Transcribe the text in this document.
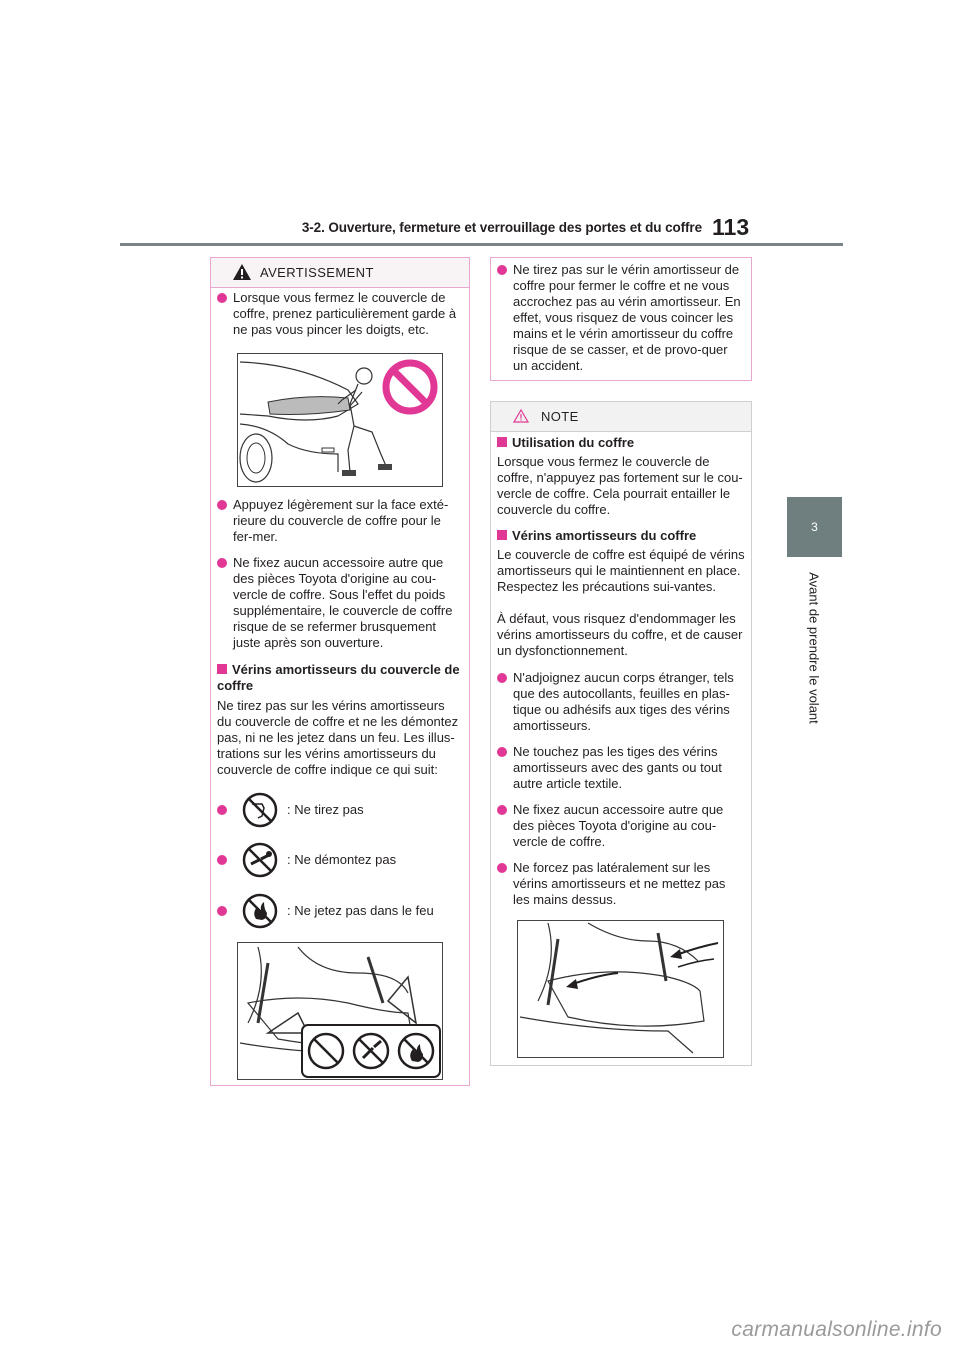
3-2. Ouverture, fermeture et verrouillage des portes et du coffre 113
3
Avant de prendre le volant
AVERTISSEMENT
Lorsque vous fermez le couvercle de coffre, prenez particulièrement garde à ne pas vous pincer les doigts, etc.
Appuyez légèrement sur la face exté-rieure du couvercle de coffre pour le fer-mer.
Ne fixez aucun accessoire autre que des pièces Toyota d'origine au cou-vercle de coffre. Sous l'effet du poids supplémentaire, le couvercle de coffre risque de se refermer brusquement juste après son ouverture.
Vérins amortisseurs du couvercle de coffre
Ne tirez pas sur les vérins amortisseurs du couvercle de coffre et ne les démontez pas, ni ne les jetez dans un feu. Les illus-trations sur les vérins amortisseurs du couvercle de coffre indique ce qui suit:
: Ne tirez pas
: Ne démontez pas
: Ne jetez pas dans le feu
Ne tirez pas sur le vérin amortisseur de coffre pour fermer le coffre et ne vous accrochez pas au vérin amortisseur. En effet, vous risquez de vous coincer les mains et le vérin amortisseur du coffre risque de se casser, et de provo-quer un accident.
NOTE
Utilisation du coffre
Lorsque vous fermez le couvercle de coffre, n'appuyez pas fortement sur le cou-vercle de coffre. Cela pourrait entailler le couvercle du coffre.
Vérins amortisseurs du coffre
Le couvercle de coffre est équipé de vérins amortisseurs qui le maintiennent en place. Respectez les précautions sui-vantes.
À défaut, vous risquez d'endommager les vérins amortisseurs du coffre, et de causer un dysfonctionnement.
N'adjoignez aucun corps étranger, tels que des autocollants, feuilles en plas-tique ou adhésifs aux tiges des vérins amortisseurs.
Ne touchez pas les tiges des vérins amortisseurs avec des gants ou tout autre article textile.
Ne fixez aucun accessoire autre que des pièces Toyota d'origine au cou-vercle de coffre.
Ne forcez pas latéralement sur les vérins amortisseurs et ne mettez pas les mains dessus.
carmanualsonline.info
